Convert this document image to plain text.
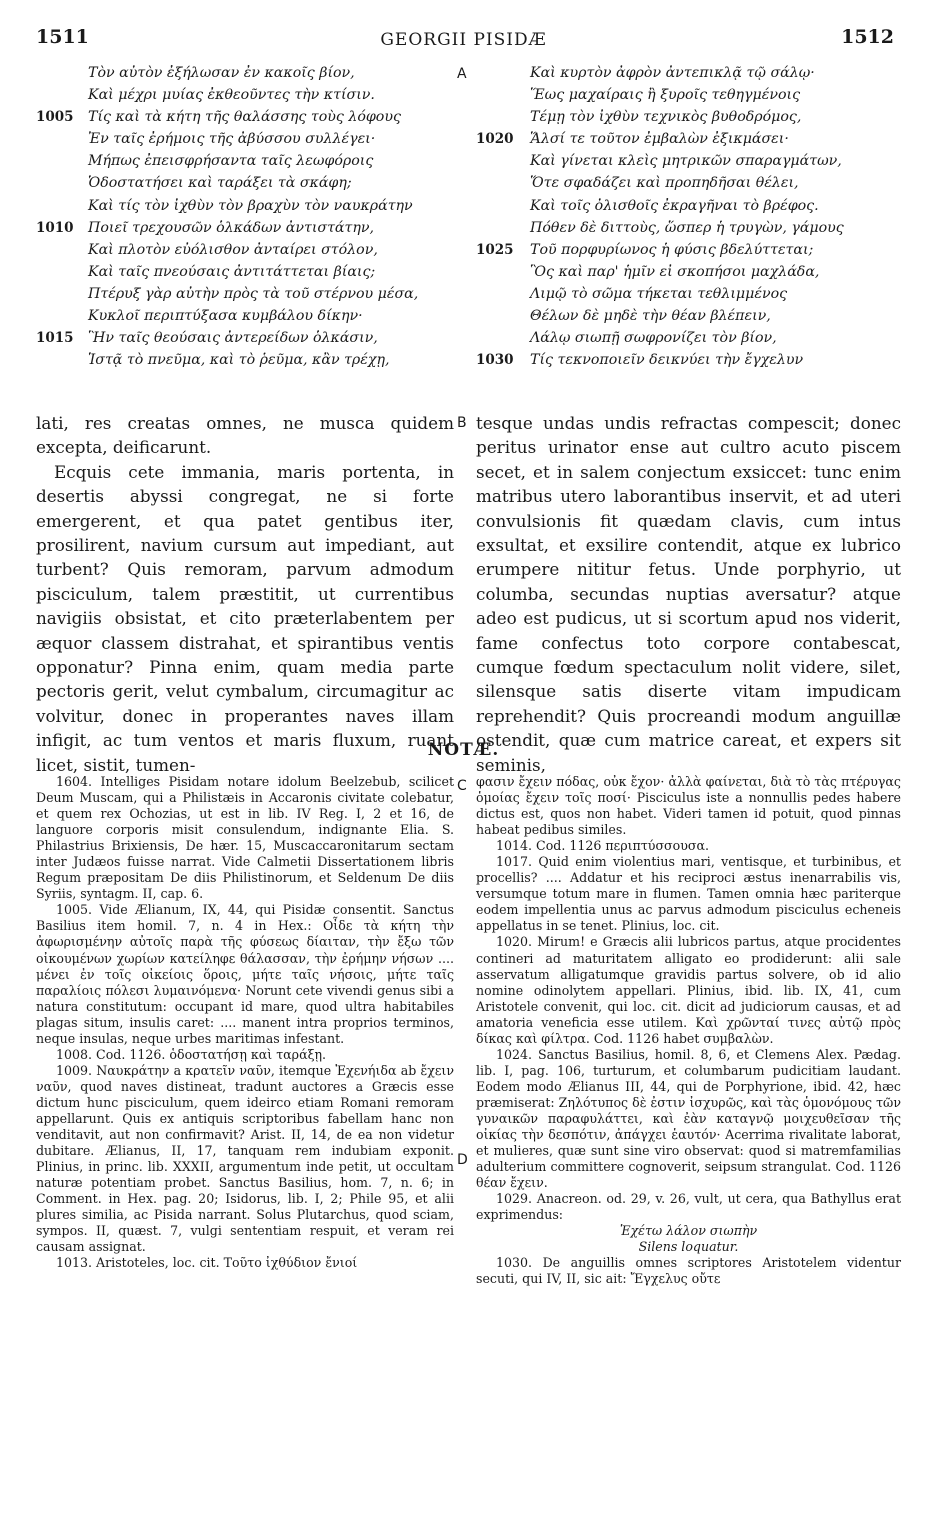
1511	GEORGII PISIDÆ	1512
Τὸν αὐτὸν ἐξήλωσαν ἐν κακοῖς βίον,
Καὶ μέχρι μυίας ἐκθεοῦντες τὴν κτίσιν.
1005	Τίς καὶ τὰ κήτη τῆς θαλάσσης τοὺς λόφους
Ἐν ταῖς ἐρήμοις τῆς ἀβύσσου συλλέγει·
Μήπως ἐπεισφρήσαντα ταῖς λεωφόροις
Ὁδοστατήσει καὶ ταράξει τὰ σκάφη;
Καὶ τίς τὸν ἰχθὺν τὸν βραχὺν τὸν ναυκράτην
1010	Ποιεῖ τρεχουσῶν ὁλκάδων ἀντιστάτην,
Καὶ πλοτὸν εὐόλισθον ἀνταίρει στόλον,
Καὶ ταῖς πνεούσαις ἀντιτάττεται βίαις;
Πτέρυξ γὰρ αὐτὴν πρὸς τὰ τοῦ στέρνου μέσα,
Κυκλοῖ περιπτύξασα κυμβάλου δίκην·
1015	Ἣν ταῖς θεούσαις ἀντερείδων ὁλκάσιν,
Ἱστᾷ τὸ πνεῦμα, καὶ τὸ ῥεῦμα, κἂν τρέχῃ,
Καὶ κυρτὸν ἀφρὸν ἀντεπικλᾷ τῷ σάλῳ·
Ἕως μαχαίραις ἢ ξυροῖς τεθηγμένοις
Τέμῃ τὸν ἰχθὺν τεχνικὸς βυθοδρόμος,
1020	Ἅλσί τε τοῦτον ἐμβαλὼν ἐξικμάσει·
Καὶ γίνεται κλεὶς μητρικῶν σπαραγμάτων,
Ὅτε σφαδάζει καὶ προπηδῆσαι θέλει,
Καὶ τοῖς ὀλισθοῖς ἐκραγῆναι τὸ βρέφος.
Πόθεν δὲ διττοὺς, ὥσπερ ἡ τρυγὼν, γάμους
1025	Τοῦ πορφυρίωνος ἡ φύσις βδελύττεται;
Ὃς καὶ παρ' ἡμῖν εἰ σκοπήσοι μαχλάδα,
Λιμῷ τὸ σῶμα τήκεται τεθλιμμένος
Θέλων δὲ μηδὲ τὴν θέαν βλέπειν,
Λάλῳ σιωπῇ σωφρονίζει τὸν βίον,
1030	Τίς τεκνοποιεῖν δεικνύει τὴν ἔγχελυν
A
B
C
D

lati, res creatas omnes, ne musca quidem excepta, deificarunt.

Ecquis cete immania, maris portenta, in desertis abyssi congregat, ne si forte emergerent, et qua patet gentibus iter, prosilirent, navium cursum aut impediant, aut turbent? Quis remoram, parvum admodum pisciculum, talem præstitit, ut currentibus navigiis obsistat, et cito præterlabentem per æquor classem distrahat, et spirantibus ventis opponatur? Pinna enim, quam media parte pectoris gerit, velut cymbalum, circumagitur ac volvitur, donec in properantes naves illam infigit, ac tum ventos et maris fluxum, ruant licet, sistit, tumen-

tesque undas undis refractas compescit; donec peritus urinator ense aut cultro acuto piscem secet, et in salem conjectum exsiccet: tunc enim matribus utero laborantibus inservit, et ad uteri convulsionis fit quædam clavis, cum intus exsultat, et exsilire contendit, atque ex lubrico erumpere nititur fetus. Unde porphyrio, ut columba, secundas nuptias aversatur? atque adeo est pudicus, ut si scortum apud nos viderit, fame confectus toto corpore contabescat, cumque fœdum spectaculum nolit videre, silet, silensque satis diserte vitam impudicam reprehendit? Quis procreandi modum anguillæ ostendit, quæ cum matrice careat, et expers sit seminis,

NOTÆ.

1604. Intelliges Pisidam notare idolum Beelzebub, scilicet Deum Muscam, qui a Philistæis in Accaronis civitate colebatur, et quem rex Ochozias, ut est in lib. IV Reg. I, 2 et 16, de languore corporis misit consulendum, indignante Elia. S. Philastrius Brixiensis, De hær. 15, Muscaccaronitarum sectam inter Judæos fuisse narrat. Vide Calmetii Dissertationem libris Regum præpositam De diis Philistinorum, et Seldenum De diis Syriis, syntagm. II, cap. 6.

1005. Vide Ælianum, IX, 44, qui Pisidæ consentit. Sanctus Basilius item homil. 7, n. 4 in Hex.: Οἶδε τὰ κήτη τὴν ἀφωρισμένην αὐτοῖς παρὰ τῆς φύσεως δίαιταν, τὴν ἔξω τῶν οἰκουμένων χωρίων κατείληφε θάλασσαν, τὴν ἐρήμην νήσων .... μένει ἐν τοῖς οἰκείοις ὅροις, μήτε ταῖς νήσοις, μήτε ταῖς παραλίοις πόλεσι λυμαινόμενα· Norunt cete vivendi genus sibi a natura constitutum: occupant id mare, quod ultra habitabiles plagas situm, insulis caret: .... manent intra proprios terminos, neque insulas, neque urbes maritimas infestant.

1008. Cod. 1126. ὁδοστατήσῃ καὶ ταράξῃ.

1009. Ναυκράτην a κρατεῖν ναῦν, itemque Ἐχενήιδα ab ἔχειν ναῦν, quod naves distineat, tradunt auctores a Græcis esse dictum hunc pisciculum, quem ideirco etiam Romani remoram appellarunt. Quis ex antiquis scriptoribus fabellam hanc non venditavit, aut non confirmavit? Arist. II, 14, de ea non videtur dubitare. Ælianus, II, 17, tanquam rem indubiam exponit. Plinius, in princ. lib. XXXII, argumentum inde petit, ut occultam naturæ potentiam probet. Sanctus Basilius, hom. 7, n. 6; in Comment. in Hex. pag. 20; Isidorus, lib. I, 2; Phile 95, et alii plures similia, ac Pisida narrant. Solus Plutarchus, quod sciam, sympos. II, quæst. 7, vulgi sententiam respuit, et veram rei causam assignat.

1013. Aristoteles, loc. cit. Τοῦτο ἰχθύδιον ἔνιοί

φασιν ἔχειν πόδας, οὐκ ἔχον· ἀλλὰ φαίνεται, διὰ τὸ τὰς πτέρυγας ὁμοίας ἔχειν τοῖς ποσί· Pisciculus iste a nonnullis pedes habere dictus est, quos non habet. Videri tamen id potuit, quod pinnas habeat pedibus similes.

1014. Cod. 1126 περιπτύσσουσα.

1017. Quid enim violentius mari, ventisque, et turbinibus, et procellis? .... Addatur et his reciproci æstus inenarrabilis vis, versumque totum mare in flumen. Tamen omnia hæc pariterque eodem impellentia unus ac parvus admodum pisciculus echeneis appellatus in se tenet. Plinius, loc. cit.

1020. Mirum! e Græcis alii lubricos partus, atque procidentes contineri ad maturitatem alligato eo prodiderunt: alii sale asservatum alligatumque gravidis partus solvere, ob id alio nomine odinolytem appellari. Plinius, ibid. lib. IX, 41, cum Aristotele convenit, qui loc. cit. dicit ad judiciorum causas, et ad amatoria veneficia esse utilem. Καὶ χρῶνταί τινες αὐτῷ πρὸς δίκας καὶ φίλτρα. Cod. 1126 habet συμβαλὼν.

1024. Sanctus Basilius, homil. 8, 6, et Clemens Alex. Pædag. lib. I, pag. 106, turturum, et columbarum pudicitiam laudant. Eodem modo Ælianus III, 44, qui de Porphyrione, ibid. 42, hæc præmiserat: Ζηλότυπος δὲ ἐστιν ἰσχυρῶς, καὶ τὰς ὁμονόμους τῶν γυναικῶν παραφυλάττει, καὶ ἐὰν καταγνῷ μοιχευθεῖσαν τῆς οἰκίας τὴν δεσπότιν, ἀπάγχει ἑαυτόν· Acerrima rivalitate laborat, et mulieres, quæ sunt sine viro observat: quod si matremfamilias adulterium committere cognoverit, seipsum strangulat. Cod. 1126 θέαν ἔχειν.

1029. Anacreon. od. 29, v. 26, vult, ut cera, qua Bathyllus erat exprimendus:

Ἐχέτω λάλον σιωπὴν

Silens loquatur.

1030. De anguillis omnes scriptores Aristotelem videntur secuti, qui IV, II, sic ait: Ἔγχελυς οὔτε
